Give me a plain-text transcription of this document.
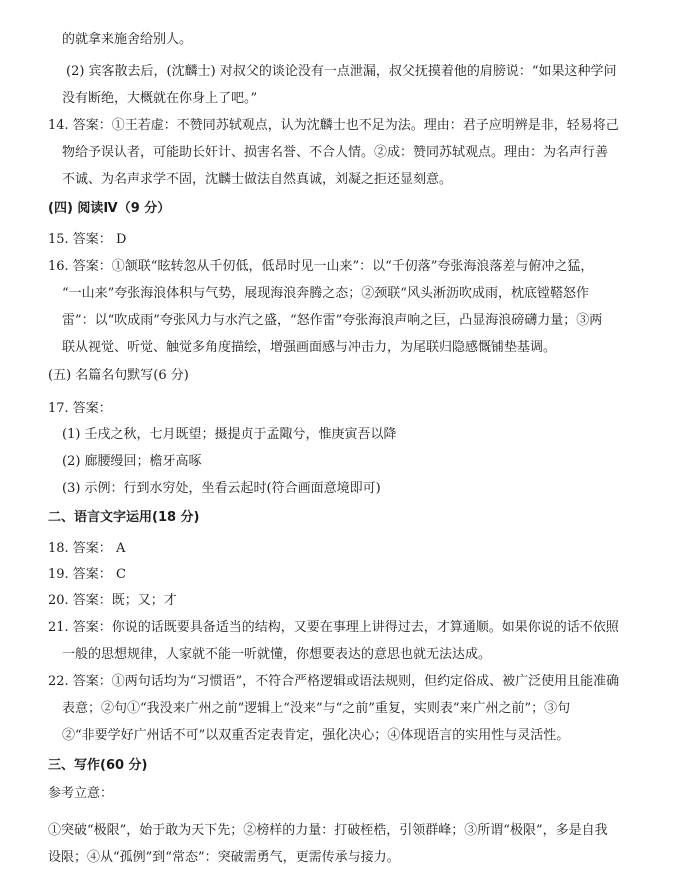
的就拿来施舍给别人。
(2) 宾客散去后，(沈麟士) 对叔父的谈论没有一点泄漏，叔父抚摸着他的肩膀说：“如果这种学问
没有断绝，大概就在你身上了吧。”
14. 答案：①王若虚：不赞同苏轼观点，认为沈麟士也不足为法。理由：君子应明辨是非，轻易将己
物给予误认者，可能助长奸计、损害名誉、不合人情。②成：赞同苏轼观点。理由：为名声行善
不诚、为名声求学不固，沈麟士做法自然真诚，刘凝之拒还显刻意。
(四) 阅读Ⅳ（9 分）
15. 答案： D
16. 答案：①颔联“眩转忽从千仞低，低昂时见一山来”：以“千仞落”夸张海浪落差与俯冲之猛，
“一山来”夸张海浪体积与气势，展现海浪奔腾之态；②颈联“风头淅沥吹成雨，枕底镗鞳怒作
雷”：以“吹成雨”夸张风力与水汽之盛，“怒作雷”夸张海浪声响之巨，凸显海浪磅礴力量；③两
联从视觉、听觉、触觉多角度描绘，增强画面感与冲击力，为尾联归隐感慨铺垫基调。
(五) 名篇名句默写(6 分)
17. 答案：
(1) 壬戌之秋，七月既望；摄提贞于孟陬兮，惟庚寅吾以降
(2) 廊腰缦回；檐牙高啄
(3) 示例：行到水穷处，坐看云起时(符合画面意境即可)
二、语言文字运用(18 分)
18. 答案： A
19. 答案： C
20. 答案：既；又；才
21. 答案：你说的话既要具备适当的结构，又要在事理上讲得过去，才算通顺。如果你说的话不依照
一般的思想规律，人家就不能一听就懂，你想要表达的意思也就无法达成。
22. 答案：①两句话均为“习惯语”，不符合严格逻辑或语法规则，但约定俗成、被广泛使用且能准确
表意；②句①“我没来广州之前”逻辑上“没来”与“之前”重复，实则表“来广州之前”；③句
②“非要学好广州话不可”以双重否定表肯定，强化决心；④体现语言的实用性与灵活性。
三、写作(60 分)
参考立意：
①突破“极限”，始于敢为天下先；②榜样的力量：打破桎梏，引领群峰；③所谓“极限”，多是自我
设限；④从“孤例”到“常态”：突破需勇气，更需传承与接力。
